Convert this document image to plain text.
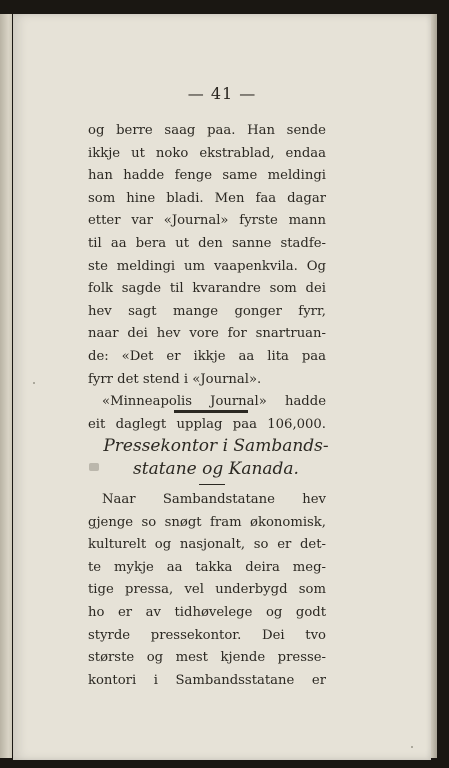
— 41 —
og berre saag paa. Han sende
ikkje ut noko ekstrablad, endaa
han hadde fenge same meldingi
som hine bladi. Men faa dagar
etter var «Journal» fyrste mann
til aa bera ut den sanne stadfe-
ste meldingi um vaapenkvila. Og
folk sagde til kvarandre som dei
hev sagt mange gonger fyrr,
naar dei hev vore for snartruan-
de: «Det er ikkje aa lita paa
fyrr det stend i «Journal».
«Minneapolis Journal» hadde
eit daglegt upplag paa 106,000.
Pressekontor i Sambands-
statane og Kanada.
Naar Sambandstatane hev
gjenge so snøgt fram økonomisk,
kulturelt og nasjonalt, so er det-
te mykje aa takka deira meg-
tige pressa, vel underbygd som
ho er av tidhøvelege og godt
styrde pressekontor. Dei tvo
største og mest kjende presse-
kontori i Sambandsstatane er
